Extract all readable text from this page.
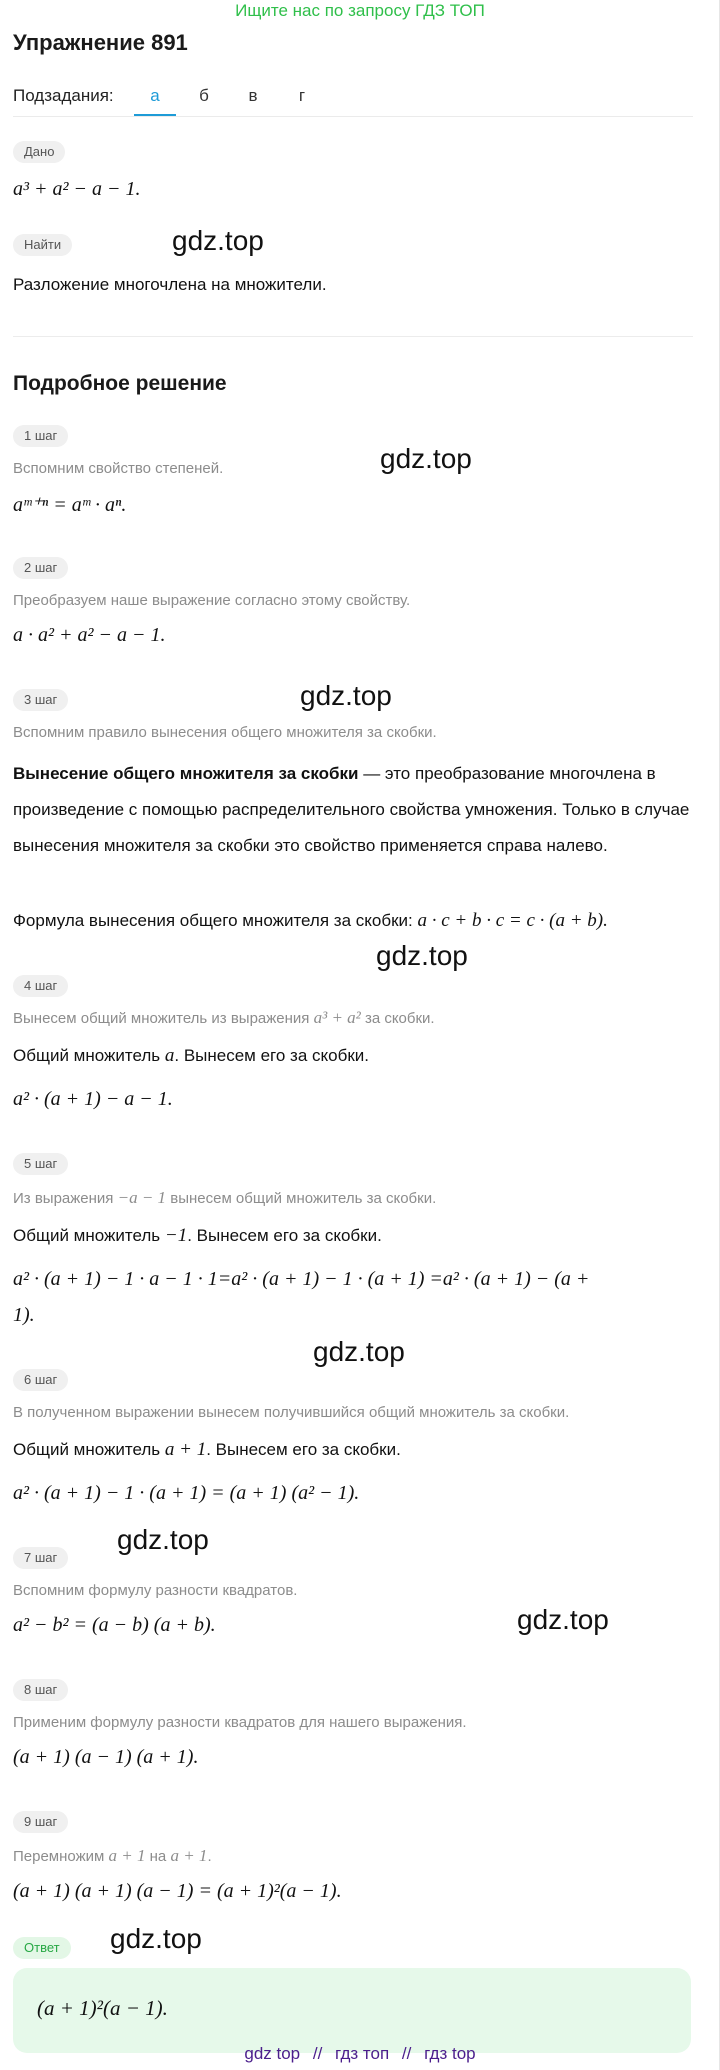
Ищите нас по запросу ГДЗ ТОП
Упражнение 891
Подзадания:	а	б	в	г
Дано
a³ + a² − a − 1.
Найти
Разложение многочлена на множители.
Подробное решение
1 шаг
Вспомним свойство степеней.
aᵐ⁺ⁿ = aᵐ · aⁿ.
2 шаг
Преобразуем наше выражение согласно этому свойству.
a · a² + a² − a − 1.
3 шаг
Вспомним правило вынесения общего множителя за скобки.
Вынесение общего множителя за скобки — это преобразование многочлена в произведение с помощью распределительного свойства умножения. Только в случае вынесения множителя за скобки это свойство применяется справа налево.
Формула вынесения общего множителя за скобки: a · c + b · c = c · (a + b).
4 шаг
Вынесем общий множитель из выражения a³ + a² за скобки.
Общий множитель a. Вынесем его за скобки.
a² · (a + 1) − a − 1.
5 шаг
Из выражения −a − 1 вынесем общий множитель за скобки.
Общий множитель −1. Вынесем его за скобки.
a² · (a + 1) − 1 · a − 1 · 1=a² · (a + 1) − 1 · (a + 1) =a² · (a + 1) − (a +
1).
6 шаг
В полученном выражении вынесем получившийся общий множитель за скобки.
Общий множитель a + 1. Вынесем его за скобки.
a² · (a + 1) − 1 · (a + 1) = (a + 1) (a² − 1).
7 шаг
Вспомним формулу разности квадратов.
a² − b² = (a − b) (a + b).
8 шаг
Применим формулу разности квадратов для нашего выражения.
(a + 1) (a − 1) (a + 1).
9 шаг
Перемножим a + 1 на a + 1.
(a + 1) (a + 1) (a − 1) = (a + 1)²(a − 1).
Ответ
(a + 1)²(a − 1).
gdz.top
gdz.top
gdz.top
gdz.top
gdz.top
gdz.top
gdz.top
gdz.top
gdz top // гдз топ // гдз top
